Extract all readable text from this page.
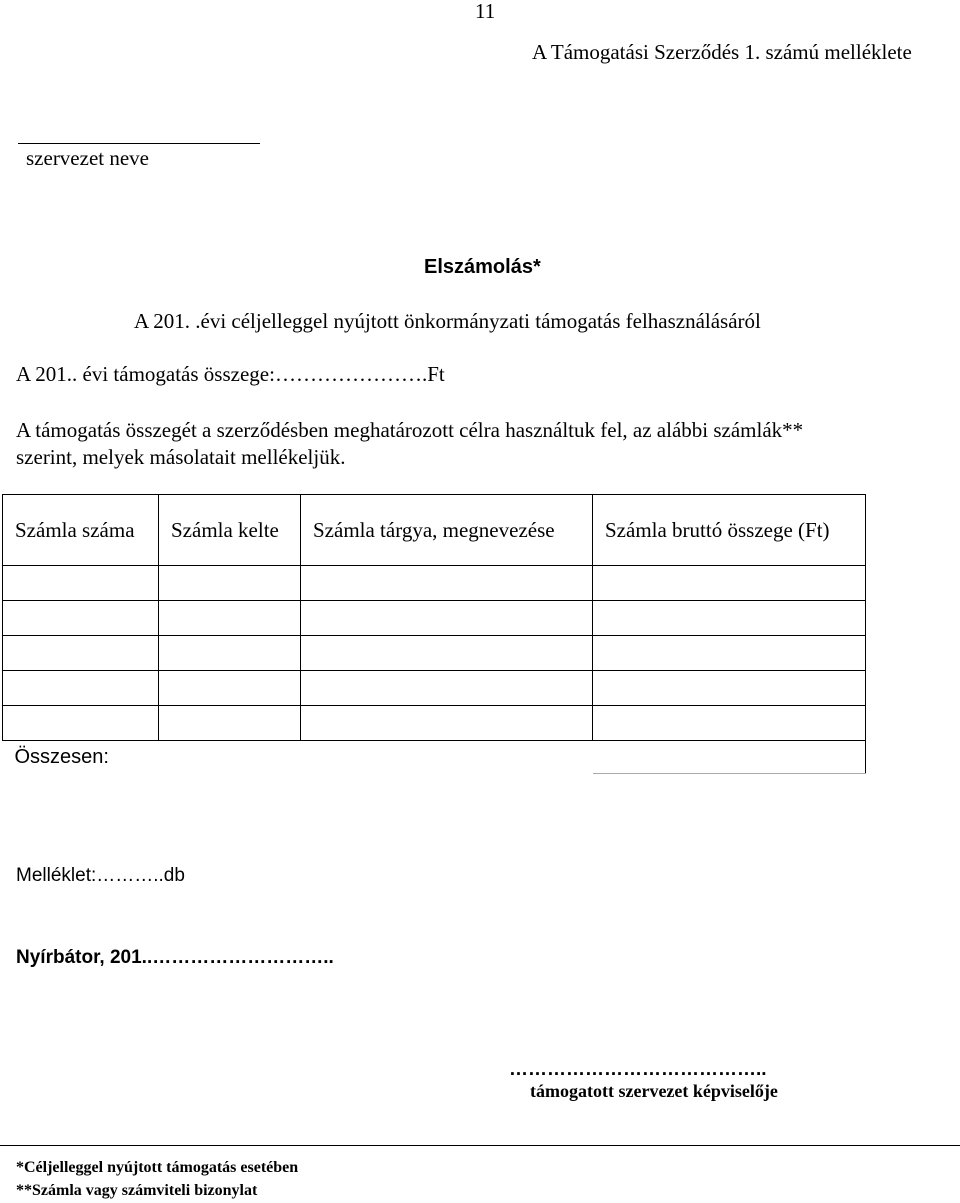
11
A Támogatási Szerződés 1. számú melléklete
szervezet neve
Elszámolás*
A 201. .évi céljelleggel nyújtott önkormányzati támogatás felhasználásáról
A 201.. évi támogatás összege:………………….Ft
A támogatás összegét a szerződésben meghatározott célra használtuk fel, az alábbi számlák**
szerint, melyek másolatait mellékeljük.
Számla száma	Számla kelte	Számla tárgya, megnevezése	Számla bruttó összege (Ft)

Összesen:			
Melléklet:………..db
Nyírbátor, 201..………………………..
…………………………………..
támogatott szervezet képviselője
*Céljelleggel nyújtott támogatás esetében
**Számla vagy számviteli bizonylat
